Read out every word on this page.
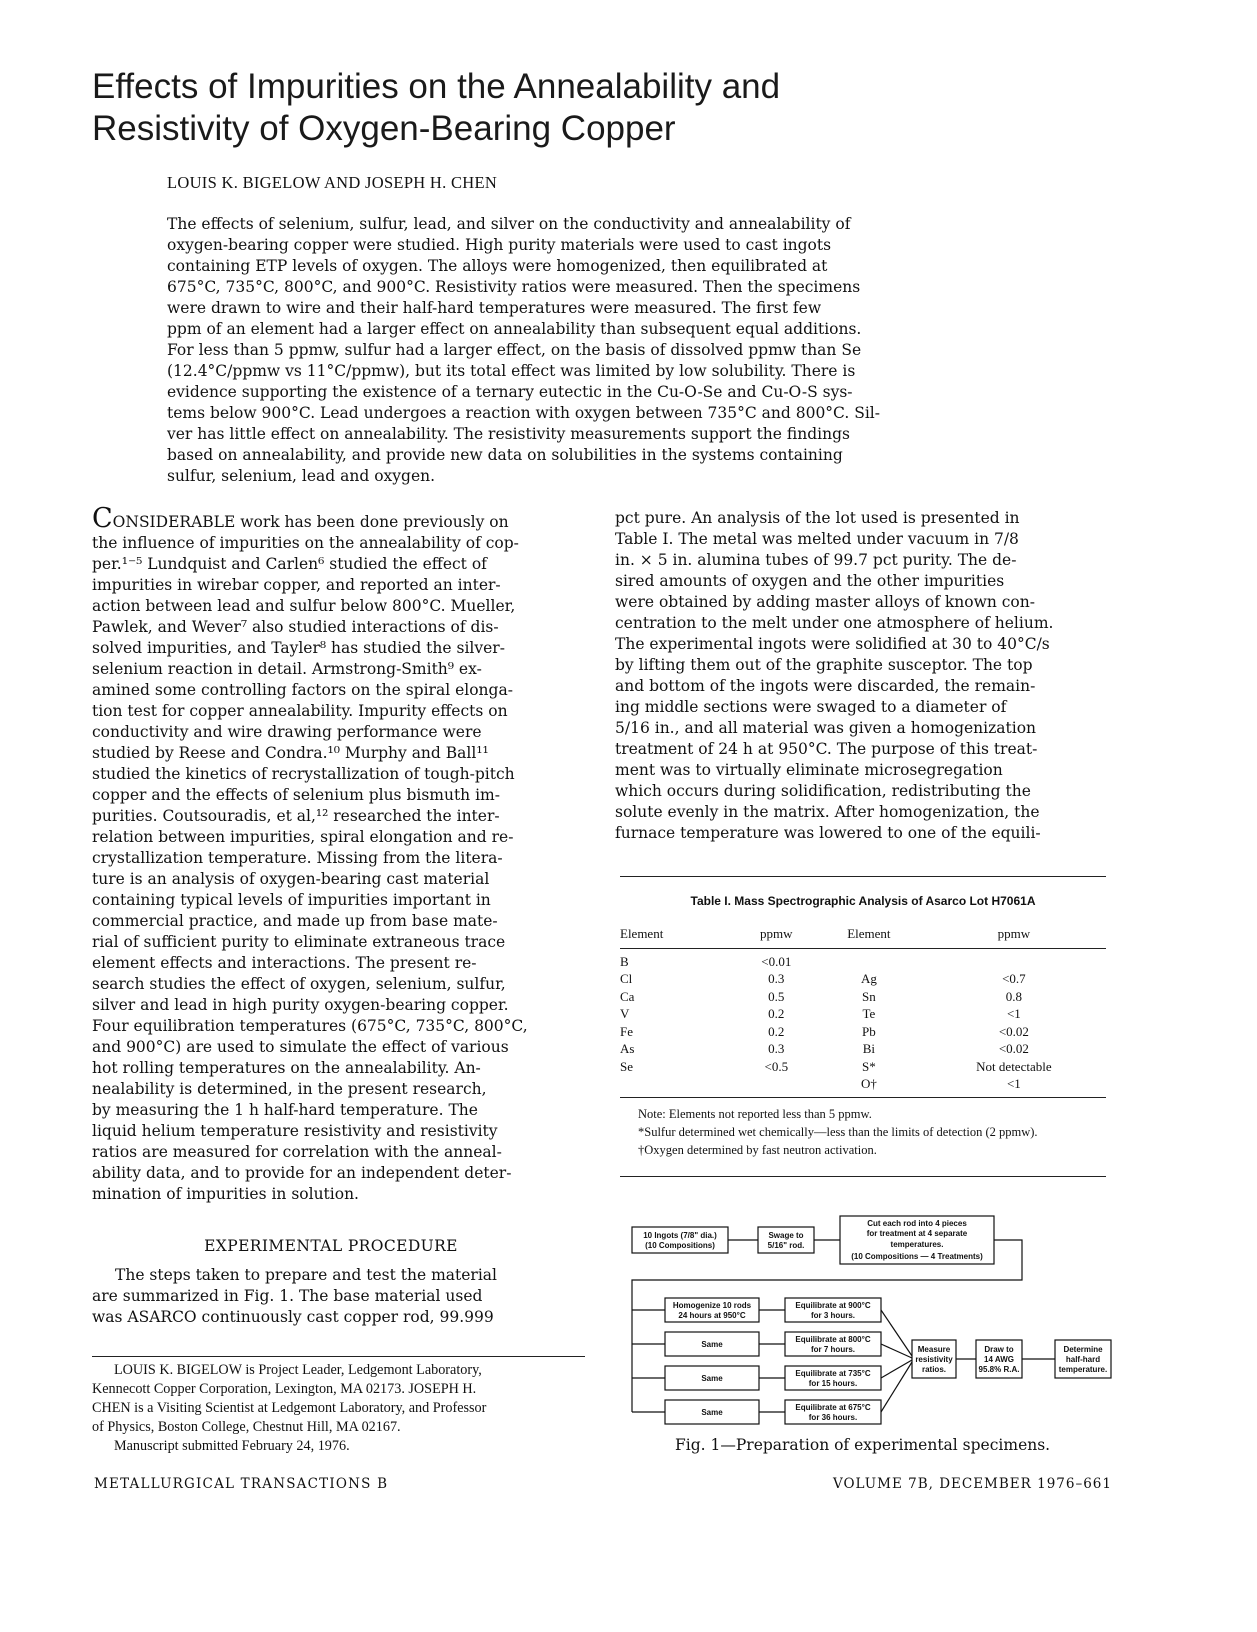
Effects of Impurities on the Annealability and
Resistivity of Oxygen-Bearing Copper
LOUIS K. BIGELOW AND JOSEPH H. CHEN

The effects of selenium, sulfur, lead, and silver on the conductivity and annealability of

oxygen-bearing copper were studied. High purity materials were used to cast ingots

containing ETP levels of oxygen. The alloys were homogenized, then equilibrated at

675°C, 735°C, 800°C, and 900°C. Resistivity ratios were measured. Then the specimens

were drawn to wire and their half-hard temperatures were measured. The first few

ppm of an element had a larger effect on annealability than subsequent equal additions.

For less than 5 ppmw, sulfur had a larger effect, on the basis of dissolved ppmw than Se

(12.4°C/ppmw vs 11°C/ppmw), but its total effect was limited by low solubility. There is

evidence supporting the existence of a ternary eutectic in the Cu-O-Se and Cu-O-S sys-

tems below 900°C. Lead undergoes a reaction with oxygen between 735°C and 800°C. Sil-

ver has little effect on annealability. The resistivity measurements support the findings

based on annealability, and provide new data on solubilities in the systems containing

sulfur, selenium, lead and oxygen.

CONSIDERABLE work has been done previously on

the influence of impurities on the annealability of cop-

per.¹⁻⁵ Lundquist and Carlen⁶ studied the effect of

impurities in wirebar copper, and reported an inter-

action between lead and sulfur below 800°C. Mueller,

Pawlek, and Wever⁷ also studied interactions of dis-

solved impurities, and Tayler⁸ has studied the silver-

selenium reaction in detail. Armstrong-Smith⁹ ex-

amined some controlling factors on the spiral elonga-

tion test for copper annealability. Impurity effects on

conductivity and wire drawing performance were

studied by Reese and Condra.¹⁰ Murphy and Ball¹¹

studied the kinetics of recrystallization of tough-pitch

copper and the effects of selenium plus bismuth im-

purities. Coutsouradis, et al,¹² researched the inter-

relation between impurities, spiral elongation and re-

crystallization temperature. Missing from the litera-

ture is an analysis of oxygen-bearing cast material

containing typical levels of impurities important in

commercial practice, and made up from base mate-

rial of sufficient purity to eliminate extraneous trace

element effects and interactions. The present re-

search studies the effect of oxygen, selenium, sulfur,

silver and lead in high purity oxygen-bearing copper.

Four equilibration temperatures (675°C, 735°C, 800°C,

and 900°C) are used to simulate the effect of various

hot rolling temperatures on the annealability. An-

nealability is determined, in the present research,

by measuring the 1 h half-hard temperature. The

liquid helium temperature resistivity and resistivity

ratios are measured for correlation with the anneal-

ability data, and to provide for an independent deter-

mination of impurities in solution.

EXPERIMENTAL PROCEDURE

The steps taken to prepare and test the material

are summarized in Fig. 1. The base material used

was ASARCO continuously cast copper rod, 99.999

LOUIS K. BIGELOW is Project Leader, Ledgemont Laboratory,

Kennecott Copper Corporation, Lexington, MA 02173. JOSEPH H.

CHEN is a Visiting Scientist at Ledgemont Laboratory, and Professor

of Physics, Boston College, Chestnut Hill, MA 02167.

Manuscript submitted February 24, 1976.

pct pure. An analysis of the lot used is presented in

Table I. The metal was melted under vacuum in 7/8

in. × 5 in. alumina tubes of 99.7 pct purity. The de-

sired amounts of oxygen and the other impurities

were obtained by adding master alloys of known con-

centration to the melt under one atmosphere of helium.

The experimental ingots were solidified at 30 to 40°C/s

by lifting them out of the graphite susceptor. The top

and bottom of the ingots were discarded, the remain-

ing middle sections were swaged to a diameter of

5/16 in., and all material was given a homogenization

treatment of 24 h at 950°C. The purpose of this treat-

ment was to virtually eliminate microsegregation

which occurs during solidification, redistributing the

solute evenly in the matrix. After homogenization, the

furnace temperature was lowered to one of the equili-

Table I. Mass Spectrographic Analysis of Asarco Lot H7061A
Element	ppmw	Element	ppmw
B	<0.01		
Cl	0.3	Ag	<0.7
Ca	0.5	Sn	0.8
V	0.2	Te	<1
Fe	0.2	Pb	<0.02
As	0.3	Bi	<0.02
Se	<0.5	S*	Not detectable
		O†	<1
Note: Elements not reported less than 5 ppmw.
*Sulfur determined wet chemically—less than the limits of detection (2 ppmw).
†Oxygen determined by fast neutron activation.
10 Ingots (7/8" dia.)
(10 Compositions)
Swage to
5/16" rod.
Cut each rod into 4 pieces
for treatment at 4 separate
temperatures.
(10 Compositions — 4 Treatments)
Homogenize 10 rods
24 hours at 950°C
Same
Same
Same
Equilibrate at 900°C
for 3 hours.
Equilibrate at 800°C
for 7 hours.
Equilibrate at 735°C
for 15 hours.
Equilibrate at 675°C
for 36 hours.
Measure
resistivity
ratios.
Draw to
14 AWG
95.8% R.A.
Determine
half-hard
temperature.
Fig. 1—Preparation of experimental specimens.
METALLURGICAL TRANSACTIONS B	VOLUME 7B, DECEMBER 1976–661
